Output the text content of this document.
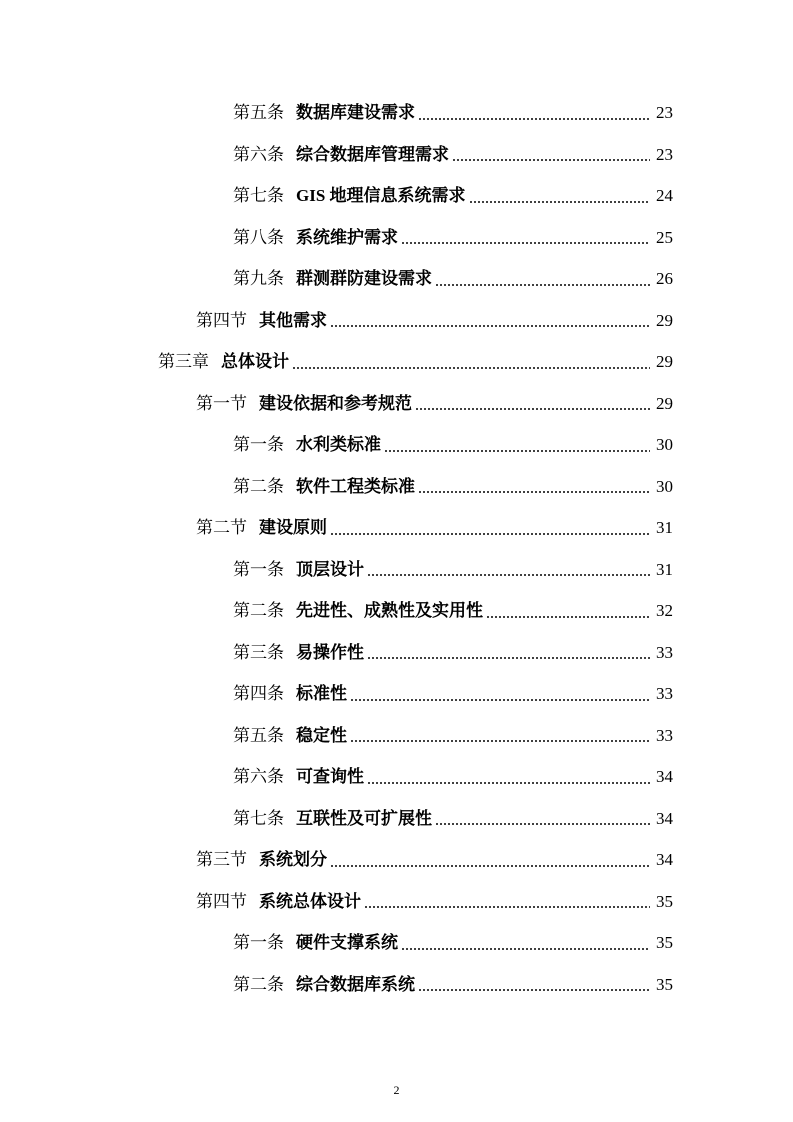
第五条 数据库建设需求	23
第六条 综合数据库管理需求	23
第七条 GIS 地理信息系统需求	24
第八条 系统维护需求	25
第九条 群测群防建设需求	26
第四节 其他需求	29
第三章 总体设计	29
第一节 建设依据和参考规范	29
第一条 水利类标准	30
第二条 软件工程类标准	30
第二节 建设原则	31
第一条 顶层设计	31
第二条 先进性、成熟性及实用性	32
第三条 易操作性	33
第四条 标准性	33
第五条 稳定性	33
第六条 可查询性	34
第七条 互联性及可扩展性	34
第三节 系统划分	34
第四节 系统总体设计	35
第一条 硬件支撑系统	35
第二条 综合数据库系统	35
2
